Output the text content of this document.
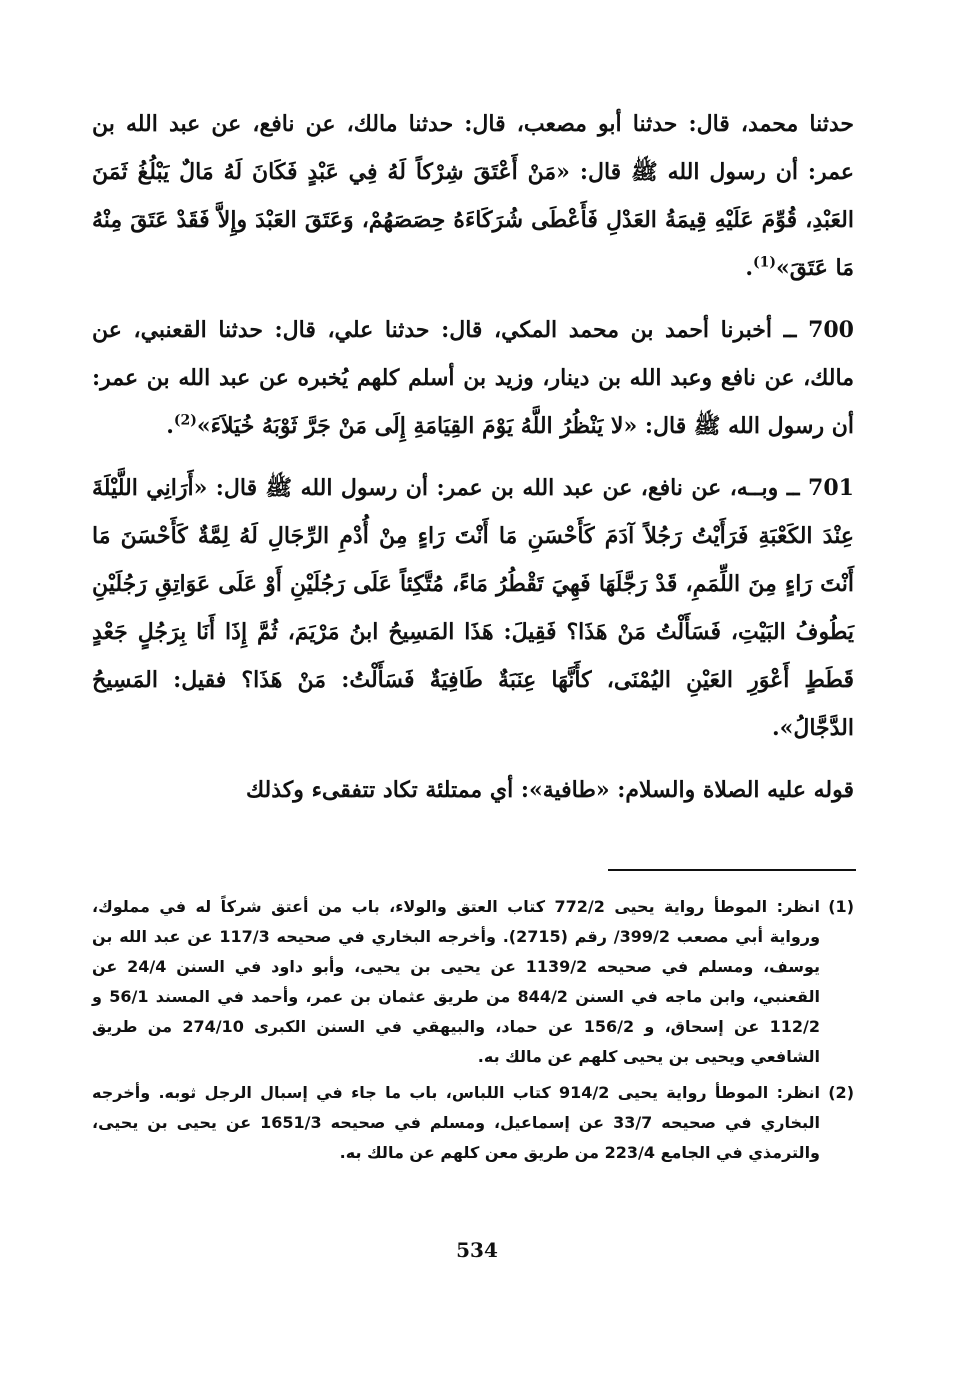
حدثنا محمد، قال: حدثنا أبو مصعب، قال: حدثنا مالك، عن نافع، عن عبد الله بن عمر: أن رسول الله ﷺ قال: «مَنْ أَعْتَقَ شِرْكاً لَهُ فِي عَبْدٍ فَكَانَ لَهُ مَالٌ يَبْلُغُ ثَمَنَ العَبْدِ، قُوِّمَ عَلَيْهِ قِيمَةُ العَدْلِ فَأَعْطَى شُرَكَاءَهُ حِصَصَهُمْ، وَعَتَقَ العَبْدَ وإِلاَّ فَقَدْ عَتَقَ مِنْهُ مَا عَتَقَ»$^{(1)}$.

700 ــ أخبرنا أحمد بن محمد المكي، قال: حدثنا علي، قال: حدثنا القعنبي، عن مالك، عن نافع وعبد الله بن دينار، وزيد بن أسلم كلهم يُخبره عن عبد الله بن عمر: أن رسول الله ﷺ قال: «لا يَنْظُرُ اللَّهُ يَوْمَ القِيَامَةِ إِلَى مَنْ جَرَّ ثَوْبَهُ خُيَلاَءَ»$^{(2)}$.

701 ــ وبــه، عن نافع، عن عبد الله بن عمر: أن رسول الله ﷺ قال: «أَرَانِي اللَّيْلَةَ عِنْدَ الكَعْبَةِ فَرَأَيْتُ رَجُلاً آدَمَ كَأَحْسَنِ مَا أَنْتَ رَاءٍ مِنْ أُدْمِ الرِّجَالِ لَهُ لِمَّةٌ كَأَحْسَنَ مَا أَنْتَ رَاءٍ مِنَ اللِّمَمِ، قَدْ رَجَّلَهَا فَهِيَ تَقْطُرُ مَاءً، مُتَّكِئاً عَلَى رَجُلَيْنِ أَوْ عَلَى عَوَاتِقِ رَجُلَيْنِ يَطُوفُ البَيْتِ، فَسَأَلْتُ مَنْ هَذَا؟ فَقِيلَ: هَذَا المَسِيحُ ابنُ مَرْيَمَ، ثُمَّ إِذَا أَنَا بِرَجُلٍ جَعْدٍ قَطَطٍ أَعْوَرِ العَيْنِ اليُمْنَى، كأَنَّهَا عِنَبَةٌ طَافِيَةٌ فَسَأَلْتُ: مَنْ هَذَا؟ فقيل: المَسِيحُ الدَّجَّالُ».

قوله عليه الصلاة والسلام: «طافية»: أي ممتلئة تكاد تتفقىء وكذلك

(1)
انظر: الموطأ رواية يحيى 772/2 كتاب العتق والولاء، باب من أعتق شركاً له في مملوك، ورواية أبي مصعب 399/2/ رقم (2715). وأخرجه البخاري في صحيحه 117/3 عن عبد الله بن يوسف، ومسلم في صحيحه 1139/2 عن يحيى بن يحيى، وأبو داود في السنن 24/4 عن القعنبي، وابن ماجه في السنن 844/2 من طريق عثمان بن عمر، وأحمد في المسند 56/1 و 112/2 عن إسحاق، و 156/2 عن حماد، والبيهقي في السنن الكبرى 274/10 من طريق الشافعي ويحيى بن يحيى كلهم عن مالك به.
(2)
انظر: الموطأ رواية يحيى 914/2 كتاب اللباس، باب ما جاء في إسبال الرجل ثوبه. وأخرجه البخاري في صحيحه 33/7 عن إسماعيل، ومسلم في صحيحه 1651/3 عن يحيى بن يحيى، والترمذي في الجامع 223/4 من طريق معن كلهم عن مالك به.
534
